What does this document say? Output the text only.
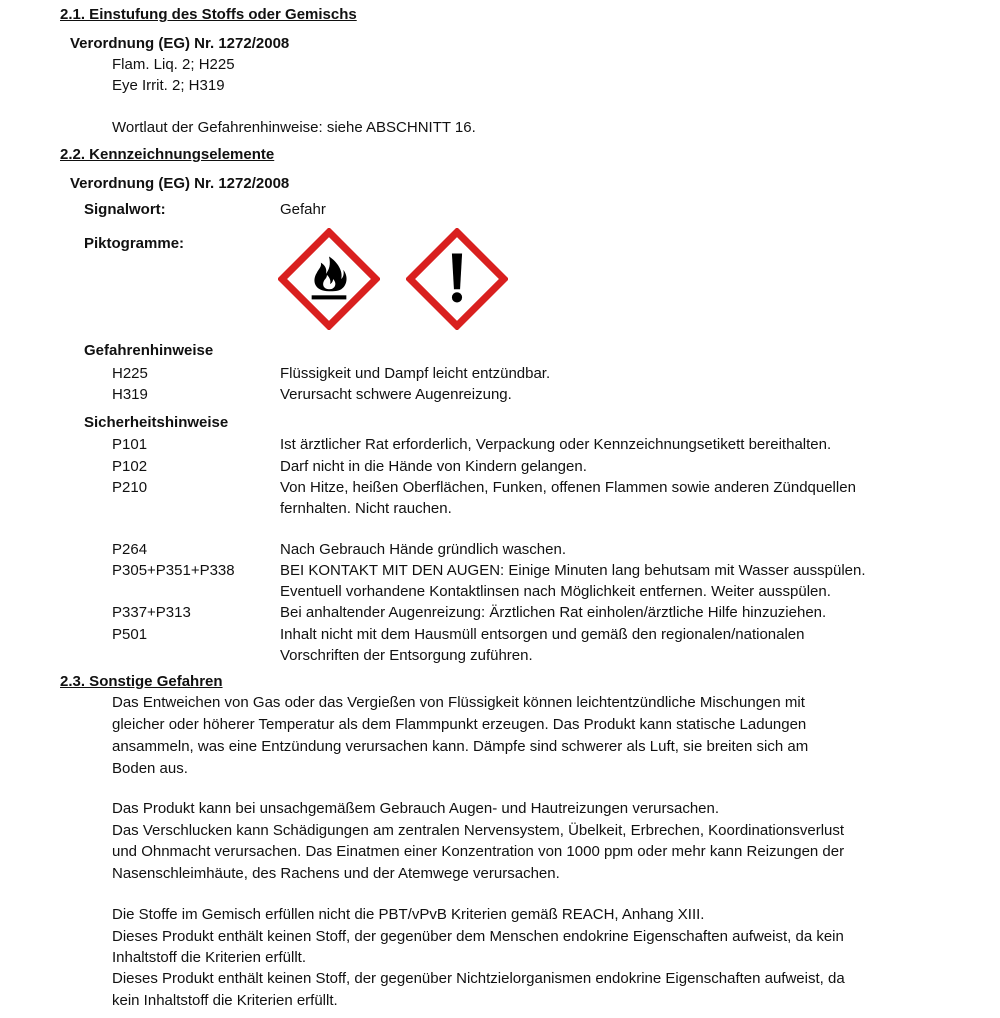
2.1. Einstufung des Stoffs oder Gemischs
Verordnung (EG) Nr. 1272/2008
Flam. Liq. 2; H225
Eye Irrit. 2; H319
Wortlaut der Gefahrenhinweise: siehe ABSCHNITT 16.
2.2. Kennzeichnungselemente
Verordnung (EG) Nr. 1272/2008
Signalwort:	Gefahr
Piktogramme:
Gefahrenhinweise
H225	Flüssigkeit und Dampf leicht entzündbar.
H319	Verursacht schwere Augenreizung.
Sicherheitshinweise
P101	Ist ärztlicher Rat erforderlich, Verpackung oder Kennzeichnungsetikett bereithalten.
P102	Darf nicht in die Hände von Kindern gelangen.
P210	Von Hitze, heißen Oberflächen, Funken, offenen Flammen sowie anderen Zündquellen
fernhalten. Nicht rauchen.
P264	Nach Gebrauch Hände gründlich waschen.
P305+P351+P338	BEI KONTAKT MIT DEN AUGEN: Einige Minuten lang behutsam mit Wasser ausspülen.
Eventuell vorhandene Kontaktlinsen nach Möglichkeit entfernen. Weiter ausspülen.
P337+P313	Bei anhaltender Augenreizung: Ärztlichen Rat einholen/ärztliche Hilfe hinzuziehen.
P501	Inhalt nicht mit dem Hausmüll entsorgen und gemäß den regionalen/nationalen
Vorschriften der Entsorgung zuführen.
2.3. Sonstige Gefahren
Das Entweichen von Gas oder das Vergießen von Flüssigkeit können leichtentzündliche Mischungen mit
gleicher oder höherer Temperatur als dem Flammpunkt erzeugen. Das Produkt kann statische Ladungen
ansammeln, was eine Entzündung verursachen kann. Dämpfe sind schwerer als Luft, sie breiten sich am
Boden aus.
Das Produkt kann bei unsachgemäßem Gebrauch Augen- und Hautreizungen verursachen.
Das Verschlucken kann Schädigungen am zentralen Nervensystem, Übelkeit, Erbrechen, Koordinationsverlust
und Ohnmacht verursachen. Das Einatmen einer Konzentration von 1000 ppm oder mehr kann Reizungen der
Nasenschleimhäute, des Rachens und der Atemwege verursachen.
Die Stoffe im Gemisch erfüllen nicht die PBT/vPvB Kriterien gemäß REACH, Anhang XIII.
Dieses Produkt enthält keinen Stoff, der gegenüber dem Menschen endokrine Eigenschaften aufweist, da kein
Inhaltstoff die Kriterien erfüllt.
Dieses Produkt enthält keinen Stoff, der gegenüber Nichtzielorganismen endokrine Eigenschaften aufweist, da
kein Inhaltstoff die Kriterien erfüllt.
